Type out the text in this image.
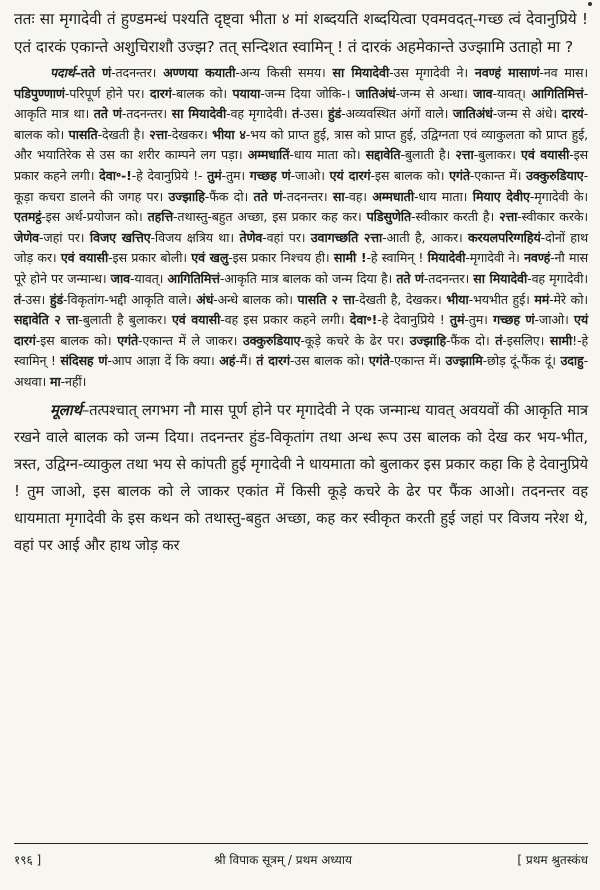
ततः सा मृगादेवी तं हुण्डमन्धं पश्यति दृष्ट्वा भीता ४ मां शब्दयति शब्दयित्वा एवमवदत्-गच्छ त्वं देवानुप्रिये ! एतं दारकं एकान्ते अशुचिराशौ उज्झ? तत् सन्दिशत स्वामिन् ! तं दारकं अहमेकान्ते उज्झामि उताहो मा ?

पदार्थ–तते णं-तदनन्तर। अण्णया कयाती-अन्य किसी समय। सा मियादेवी-उस मृगादेवी ने। नवण्हं मासाणं-नव मास। पडिपुण्णाणं-परिपूर्ण होने पर। दारगं-बालक को। पयाया-जन्म दिया जोकि-। जातिअंधं-जन्म से अन्धा। जाव-यावत्। आगितिमित्तं-आकृति मात्र था। तते णं-तदनन्तर। सा मियादेवी-वह मृगादेवी। तं-उस। हुंडं-अव्यवस्थित अंगों वाले। जातिअंधं-जन्म से अंधे। दारयं-बालक को। पासति-देखती है। २त्ता-देखकर। भीया ४-भय को प्राप्त हुई, त्रास को प्राप्त हुई, उद्विग्नता एवं व्याकुलता को प्राप्त हुई, और भयातिरेक से उस का शरीर काम्पने लग पड़ा। अम्मधातिं-धाय माता को। सद्दावेति-बुलाती है। २त्ता-बुलाकर। एवं वयासी-इस प्रकार कहने लगी। देवा॰-!-हे देवानुप्रिये !- तुमं-तुम। गच्छह णं-जाओ। एयं दारगं-इस बालक को। एगंते-एकान्त में। उक्कुरुडियाए-कूड़ा कचरा डालने की जगह पर। उज्झाहि-फैंक दो। तते णं-तदनन्तर। सा-वह। अम्मधाती-धाय माता। मियाए देवीए-मृगादेवी के। एतमट्ठं-इस अर्थ-प्रयोजन को। तहत्ति-तथास्तु-बहुत अच्छा, इस प्रकार कह कर। पडिसुणेति-स्वीकार करती है। २त्ता-स्वीकार करके। जेणेव-जहां पर। विजए खत्तिए-विजय क्षत्रिय था। तेणेव-वहां पर। उवागच्छति २त्ता-आती है, आकर। करयलपरिग्गहियं-दोनों हाथ जोड़ कर। एवं वयासी-इस प्रकार बोली। एवं खलु-इस प्रकार निश्चय ही। सामी !-हे स्वामिन् ! मियादेवी-मृगादेवी ने। नवण्हं-नौ मास पूरे होने पर जन्मान्ध। जाव-यावत्। आगितिमित्तं-आकृति मात्र बालक को जन्म दिया है। तते णं-तदनन्तर। सा मियादेवी-वह मृगादेवी। तं-उस। हुंडं-विकृतांग-भद्दी आकृति वाले। अंधं-अन्धे बालक को। पासति २ त्ता-देखती है, देखकर। भीया-भयभीत हुई। ममं-मेरे को। सद्दावेति २ त्ता-बुलाती है बुलाकर। एवं वयासी-वह इस प्रकार कहने लगी। देवा॰!-हे देवानुप्रिये ! तुमं-तुम। गच्छह णं-जाओ। एयं दारगं-इस बालक को। एगंते-एकान्त में ले जाकर। उक्कुरुडियाए-कूड़े कचरे के ढेर पर। उज्झाहि-फैंक दो। तं-इसलिए। सामी!-हे स्वामिन् ! संदिसह णं-आप आज्ञा दें कि क्या। अहं-मैं। तं दारगं-उस बालक को। एगंते-एकान्त में। उज्झामि-छोड़ दूं-फैंक दूं। उदाहु-अथवा। मा-नहीं।
मूलार्थ–तत्पश्चात् लगभग नौ मास पूर्ण होने पर मृगादेवी ने एक जन्मान्ध यावत् अवयवों की आकृति मात्र रखने वाले बालक को जन्म दिया। तदनन्तर हुंड-विकृतांग तथा अन्ध रूप उस बालक को देख कर भय-भीत, त्रस्त, उद्विग्न-व्याकुल तथा भय से कांपती हुई मृगादेवी ने धायमाता को बुलाकर इस प्रकार कहा कि हे देवानुप्रिये ! तुम जाओ, इस बालक को ले जाकर एकांत में किसी कूड़े कचरे के ढेर पर फैंक आओ। तदनन्तर वह धायमाता मृगादेवी के इस कथन को तथास्तु-बहुत अच्छा, कह कर स्वीकृत करती हुई जहां पर विजय नरेश थे, वहां पर आई और हाथ जोड़ कर
१९६ ]	श्री विपाक सूत्रम् / प्रथम अध्याय	[ प्रथम श्रुतस्कंध
